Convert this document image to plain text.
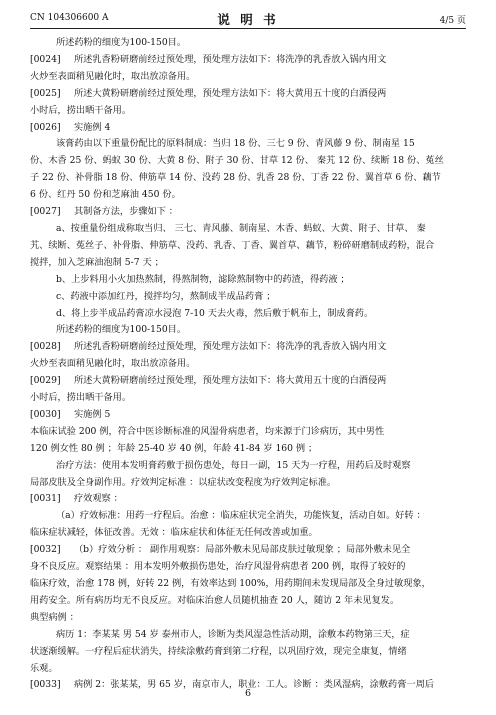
CN 104306600 A	说 明 书	4/5 页
所述药粉的细度为100-150目。
[0024] 所述乳香粉研磨前经过预处理，预处理方法如下：将洗净的乳香放入锅内用文
火炒至表面稍见融化时，取出放凉备用。
[0025] 所述大黄粉研磨前经过预处理，预处理方法如下：将大黄用五十度的白酒侵两
小时后，捞出晒干备用。
[0026] 实施例 4
该膏药由以下重量份配比的原料制成：当归 18 份、三七 9 份、青风藤 9 份、制南星 15
份、木香 25 份、蚂蚁 30 份、大黄 8 份、附子 30 份、甘草 12 份、 秦艽 12 份、续断 18 份、菟丝
子 22 份、补骨脂 18 份、伸筋草 14 份、没药 28 份、乳香 28 份、丁香 22 份、翼首草 6 份、藕节
6 份、红丹 50 份和芝麻油 450 份。
[0027] 其制备方法，步骤如下 ：
a、按重量份组成称取当归、 三七、青风藤、制南星、木香、蚂蚁、大黄、附子、甘草、 秦
艽、续断、菟丝子、补骨脂、伸筋草、没药、乳香、丁香、翼首草、藕节，粉碎研磨制成药粉，混合
搅拌，加入芝麻油泡制 5-7 天 ；
b、上步料用小火加热熬制，得熬制物，滤除熬制物中的药渣，得药液 ；
c、药液中添加红丹，搅拌均匀，熬制成半成品药膏 ；
d、将上步半成品药膏凉水浸泡 7-10 天去火毒，然后敷于帆布上，制成膏药。
所述药粉的细度为100-150目。
[0028] 所述乳香粉研磨前经过预处理，预处理方法如下：将洗净的乳香放入锅内用文
火炒至表面稍见融化时，取出放凉备用。
[0029] 所述大黄粉研磨前经过预处理，预处理方法如下：将大黄用五十度的白酒侵两
小时后，捞出晒干备用。
[0030] 实施例 5
本临床试验 200 例，符合中医诊断标准的风湿骨病患者，均来源于门诊病历，其中男性
120 例女性 80 例 ；年龄 25-40 岁 40 例，年龄 41-84 岁 160 例 ；
治疗方法：使用本发明膏药敷于损伤患处，每日一副，15 天为一疗程，用药后及时观察
局部皮肤及全身副作用。疗效判定标准 ：以症状改变程度为疗效判定标准。
[0031] 疗效观察 ：
（a）疗效标准：用药一疗程后。治愈 ：临床症状完全消失，功能恢复，活动自如。好转 ：
临床症状减轻，体征改善。无效 ：临床症状和体征无任何改善或加重。
[0032] （b）疗效分析 ： 副作用观察：局部外敷未见局部皮肤过敏现象 ；局部外敷未见全
身不良反应。观察结果 ：用本发明外敷损伤患处，治疗风湿骨病患者 200 例，取得了较好的
临床疗效，治愈 178 例，好转 22 例，有效率达到 100%，用药期间未发现局部及全身过敏现象，
用药安全。所有病历均无不良反应。对临床治愈人员随机抽查 20 人，随访 2 年未见复发。
典型病例 ：
病历 1：李某某 男 54 岁 泰州市人，诊断为类风湿急性活动期，涂敷本药物第三天，症
状逐渐缓解。一疗程后症状消失，持续涂敷药膏到第二疗程，以巩固疗效，现完全康复，情绪
乐观。
[0033] 病例 2：张某某，男 65 岁，南京市人，职业：工人。诊断 ：类风湿病，涂敷药膏一周后
6
